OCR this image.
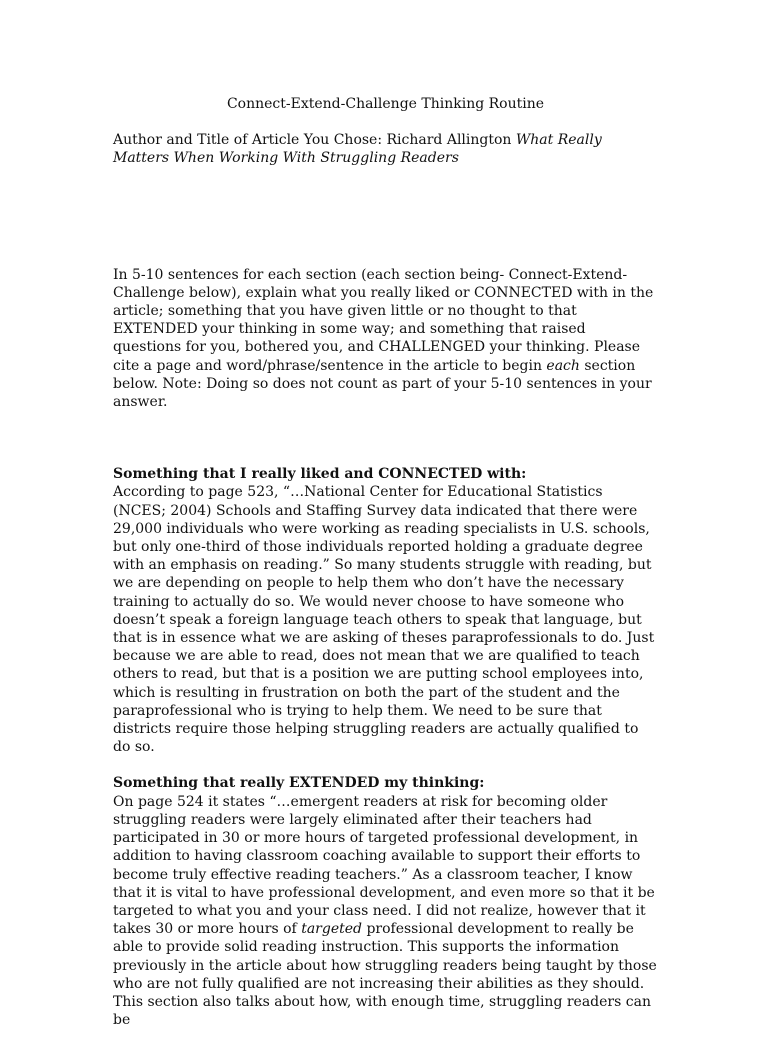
Connect-Extend-Challenge Thinking Routine

Author and Title of Article You Chose: Richard Allington What Really Matters When Working With Struggling Readers

In 5-10 sentences for each section (each section being- Connect-Extend-Challenge below), explain what you really liked or CONNECTED with in the article; something that you have given little or no thought to that EXTENDED your thinking in some way; and something that raised questions for you, bothered you, and CHALLENGED your thinking. Please cite a page and word/phrase/sentence in the article to begin each section below. Note: Doing so does not count as part of your 5-10 sentences in your answer.

Something that I really liked and CONNECTED with:

According to page 523, “…National Center for Educational Statistics (NCES; 2004) Schools and Staffing Survey data indicated that there were 29,000 individuals who were working as reading specialists in U.S. schools, but only one-third of those individuals reported holding a graduate degree with an emphasis on reading.” So many students struggle with reading, but we are depending on people to help them who don’t have the necessary training to actually do so. We would never choose to have someone who doesn’t speak a foreign language teach others to speak that language, but that is in essence what we are asking of theses paraprofessionals to do. Just because we are able to read, does not mean that we are qualified to teach others to read, but that is a position we are putting school employees into, which is resulting in frustration on both the part of the student and the paraprofessional who is trying to help them. We need to be sure that districts require those helping struggling readers are actually qualified to do so.

Something that really EXTENDED my thinking:

On page 524 it states “…emergent readers at risk for becoming older struggling readers were largely eliminated after their teachers had participated in 30 or more hours of targeted professional development, in addition to having classroom coaching available to support their efforts to become truly effective reading teachers.” As a classroom teacher, I know that it is vital to have professional development, and even more so that it be targeted to what you and your class need. I did not realize, however that it takes 30 or more hours of targeted professional development to really be able to provide solid reading instruction. This supports the information previously in the article about how struggling readers being taught by those who are not fully qualified are not increasing their abilities as they should. This section also talks about how, with enough time, struggling readers can be
